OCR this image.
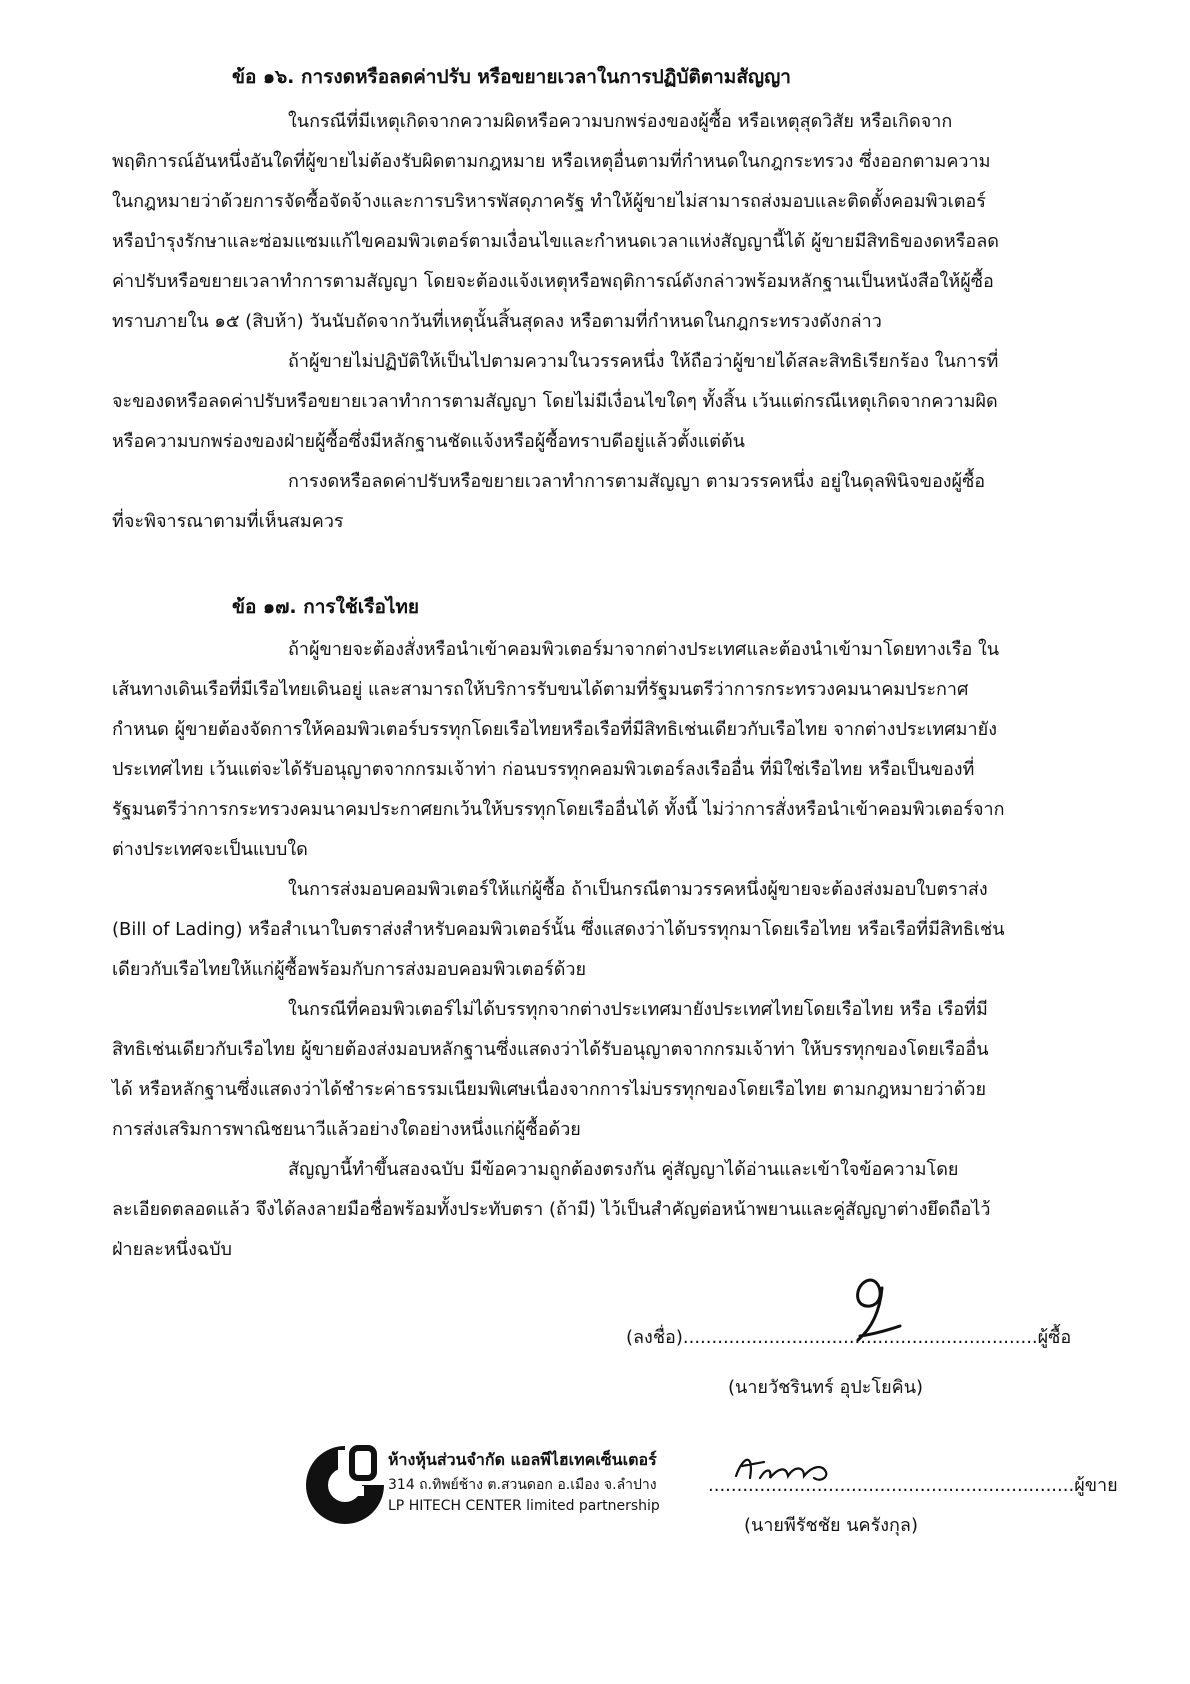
ข้อ ๑๖. การงดหรือลดค่าปรับ หรือขยายเวลาในการปฏิบัติตามสัญญา
ในกรณีที่มีเหตุเกิดจากความผิดหรือความบกพร่องของผู้ซื้อ หรือเหตุสุดวิสัย หรือเกิดจาก
พฤติการณ์อันหนึ่งอันใดที่ผู้ขายไม่ต้องรับผิดตามกฎหมาย หรือเหตุอื่นตามที่กำหนดในกฎกระทรวง ซึ่งออกตามความ
ในกฎหมายว่าด้วยการจัดซื้อจัดจ้างและการบริหารพัสดุภาครัฐ ทำให้ผู้ขายไม่สามารถส่งมอบและติดตั้งคอมพิวเตอร์
หรือบำรุงรักษาและซ่อมแซมแก้ไขคอมพิวเตอร์ตามเงื่อนไขและกำหนดเวลาแห่งสัญญานี้ได้ ผู้ขายมีสิทธิของดหรือลด
ค่าปรับหรือขยายเวลาทำการตามสัญญา โดยจะต้องแจ้งเหตุหรือพฤติการณ์ดังกล่าวพร้อมหลักฐานเป็นหนังสือให้ผู้ซื้อ
ทราบภายใน ๑๕ (สิบห้า) วันนับถัดจากวันที่เหตุนั้นสิ้นสุดลง หรือตามที่กำหนดในกฎกระทรวงดังกล่าว
ถ้าผู้ขายไม่ปฏิบัติให้เป็นไปตามความในวรรคหนึ่ง ให้ถือว่าผู้ขายได้สละสิทธิเรียกร้อง ในการที่
จะของดหรือลดค่าปรับหรือขยายเวลาทำการตามสัญญา โดยไม่มีเงื่อนไขใดๆ ทั้งสิ้น เว้นแต่กรณีเหตุเกิดจากความผิด
หรือความบกพร่องของฝ่ายผู้ซื้อซึ่งมีหลักฐานชัดแจ้งหรือผู้ซื้อทราบดีอยู่แล้วตั้งแต่ต้น
การงดหรือลดค่าปรับหรือขยายเวลาทำการตามสัญญา ตามวรรคหนึ่ง อยู่ในดุลพินิจของผู้ซื้อ
ที่จะพิจารณาตามที่เห็นสมควร
ข้อ ๑๗. การใช้เรือไทย
ถ้าผู้ขายจะต้องสั่งหรือนำเข้าคอมพิวเตอร์มาจากต่างประเทศและต้องนำเข้ามาโดยทางเรือ ใน
เส้นทางเดินเรือที่มีเรือไทยเดินอยู่ และสามารถให้บริการรับขนได้ตามที่รัฐมนตรีว่าการกระทรวงคมนาคมประกาศ
กำหนด ผู้ขายต้องจัดการให้คอมพิวเตอร์บรรทุกโดยเรือไทยหรือเรือที่มีสิทธิเช่นเดียวกับเรือไทย จากต่างประเทศมายัง
ประเทศไทย เว้นแต่จะได้รับอนุญาตจากกรมเจ้าท่า ก่อนบรรทุกคอมพิวเตอร์ลงเรืออื่น ที่มิใช่เรือไทย หรือเป็นของที่
รัฐมนตรีว่าการกระทรวงคมนาคมประกาศยกเว้นให้บรรทุกโดยเรืออื่นได้ ทั้งนี้ ไม่ว่าการสั่งหรือนำเข้าคอมพิวเตอร์จาก
ต่างประเทศจะเป็นแบบใด
ในการส่งมอบคอมพิวเตอร์ให้แก่ผู้ซื้อ ถ้าเป็นกรณีตามวรรคหนึ่งผู้ขายจะต้องส่งมอบใบตราส่ง
(Bill of Lading) หรือสำเนาใบตราส่งสำหรับคอมพิวเตอร์นั้น ซึ่งแสดงว่าได้บรรทุกมาโดยเรือไทย หรือเรือที่มีสิทธิเช่น
เดียวกับเรือไทยให้แก่ผู้ซื้อพร้อมกับการส่งมอบคอมพิวเตอร์ด้วย
ในกรณีที่คอมพิวเตอร์ไม่ได้บรรทุกจากต่างประเทศมายังประเทศไทยโดยเรือไทย หรือ เรือที่มี
สิทธิเช่นเดียวกับเรือไทย ผู้ขายต้องส่งมอบหลักฐานซึ่งแสดงว่าได้รับอนุญาตจากกรมเจ้าท่า ให้บรรทุกของโดยเรืออื่น
ได้ หรือหลักฐานซึ่งแสดงว่าได้ชำระค่าธรรมเนียมพิเศษเนื่องจากการไม่บรรทุกของโดยเรือไทย ตามกฎหมายว่าด้วย
การส่งเสริมการพาณิชยนาวีแล้วอย่างใดอย่างหนึ่งแก่ผู้ซื้อด้วย
สัญญานี้ทำขึ้นสองฉบับ มีข้อความถูกต้องตรงกัน คู่สัญญาได้อ่านและเข้าใจข้อความโดย
ละเอียดตลอดแล้ว จึงได้ลงลายมือชื่อพร้อมทั้งประทับตรา (ถ้ามี) ไว้เป็นสำคัญต่อหน้าพยานและคู่สัญญาต่างยึดถือไว้
ฝ่ายละหนึ่งฉบับ
(ลงชื่อ)..............................................................ผู้ซื้อ
(นายวัชรินทร์ อุปะโยคิน)
ห้างหุ้นส่วนจำกัด แอลพีไฮเทคเซ็นเตอร์
314 ถ.ทิพย์ช้าง ต.สวนดอก อ.เมือง จ.ลำปาง
LP HITECH CENTER limited partnership
................................................................ผู้ขาย
(นายพีรัชชัย นครังกุล)
